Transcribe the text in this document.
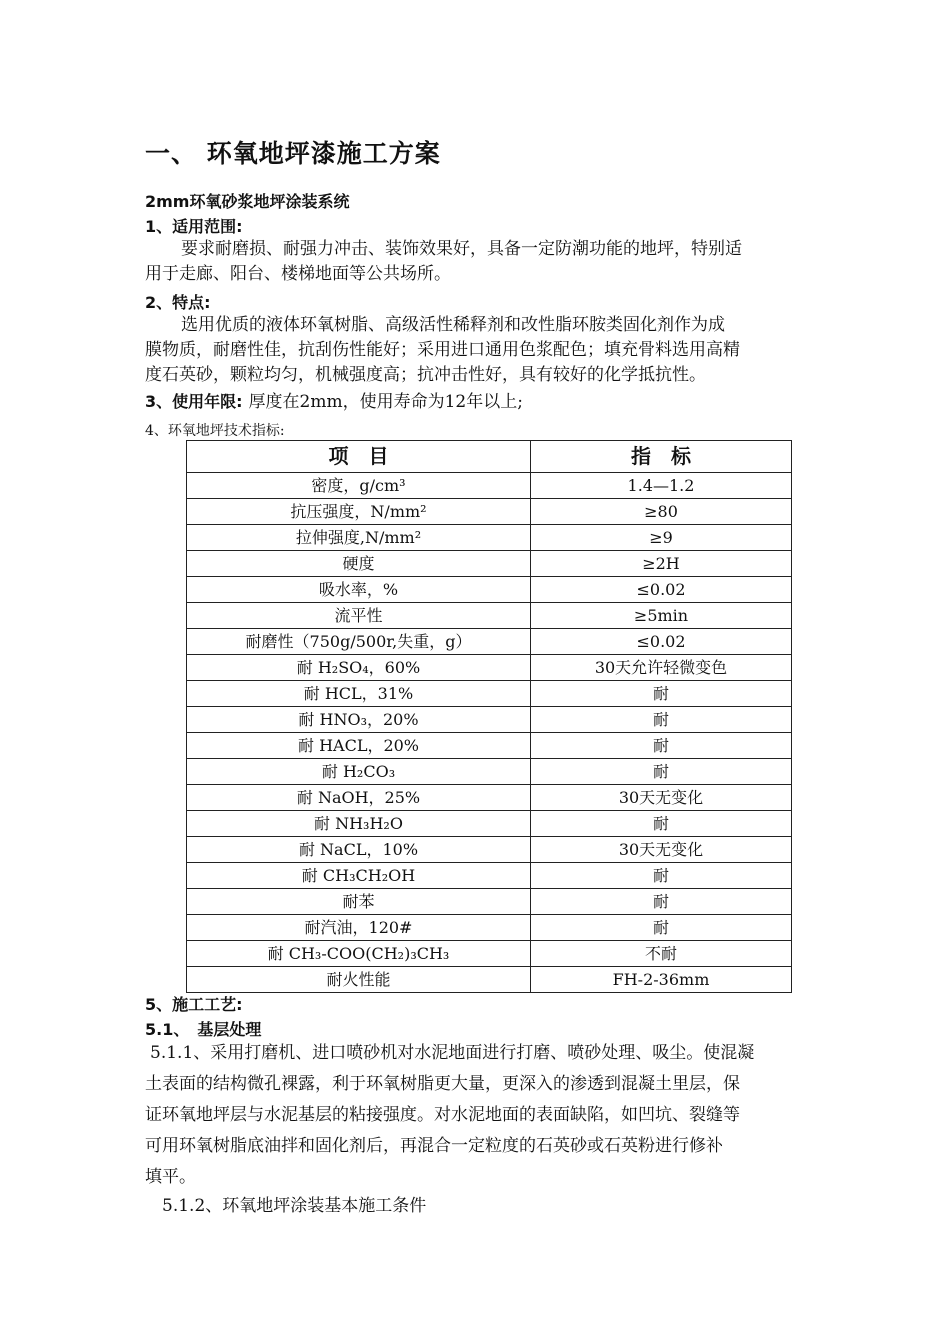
一、 环氧地坪漆施工方案
2mm环氧砂浆地坪涂装系统
1、适用范围:
要求耐磨损、耐强力冲击、装饰效果好，具备一定防潮功能的地坪，特别适
用于走廊、阳台、楼梯地面等公共场所。
2、特点:
选用优质的液体环氧树脂、高级活性稀释剂和改性脂环胺类固化剂作为成
膜物质，耐磨性佳，抗刮伤性能好；采用进口通用色浆配色；填充骨料选用高精
度石英砂，颗粒均匀，机械强度高；抗冲击性好，具有较好的化学抵抗性。
3、使用年限: 厚度在2mm，使用寿命为12年以上;
4、环氧地坪技术指标:
项　目	指　标
密度，g/cm³	1.4—1.2
抗压强度，N/mm²	≥80
拉伸强度,N/mm²	≥9
硬度	≥2H
吸水率，%	≤0.02
流平性	≥5min
耐磨性（750g/500r,失重，g）	≤0.02
耐 H₂SO₄，60%	30天允许轻微变色
耐 HCL，31%	耐
耐 HNO₃，20%	耐
耐 HACL，20%	耐
耐 H₂CO₃	耐
耐 NaOH，25%	30天无变化
耐 NH₃H₂O	耐
耐 NaCL，10%	30天无变化
耐 CH₃CH₂OH	耐
耐苯	耐
耐汽油，120#	耐
耐 CH₃-COO(CH₂)₃CH₃	不耐
耐火性能	FH-2-36mm
5、施工工艺:
5.1、　基层处理
5.1.1、采用打磨机、进口喷砂机对水泥地面进行打磨、喷砂处理、吸尘。使混凝
土表面的结构微孔裸露，利于环氧树脂更大量，更深入的渗透到混凝土里层，保
证环氧地坪层与水泥基层的粘接强度。对水泥地面的表面缺陷，如凹坑、裂缝等
可用环氧树脂底油拌和固化剂后，再混合一定粒度的石英砂或石英粉进行修补
填平。
5.1.2、环氧地坪涂装基本施工条件
